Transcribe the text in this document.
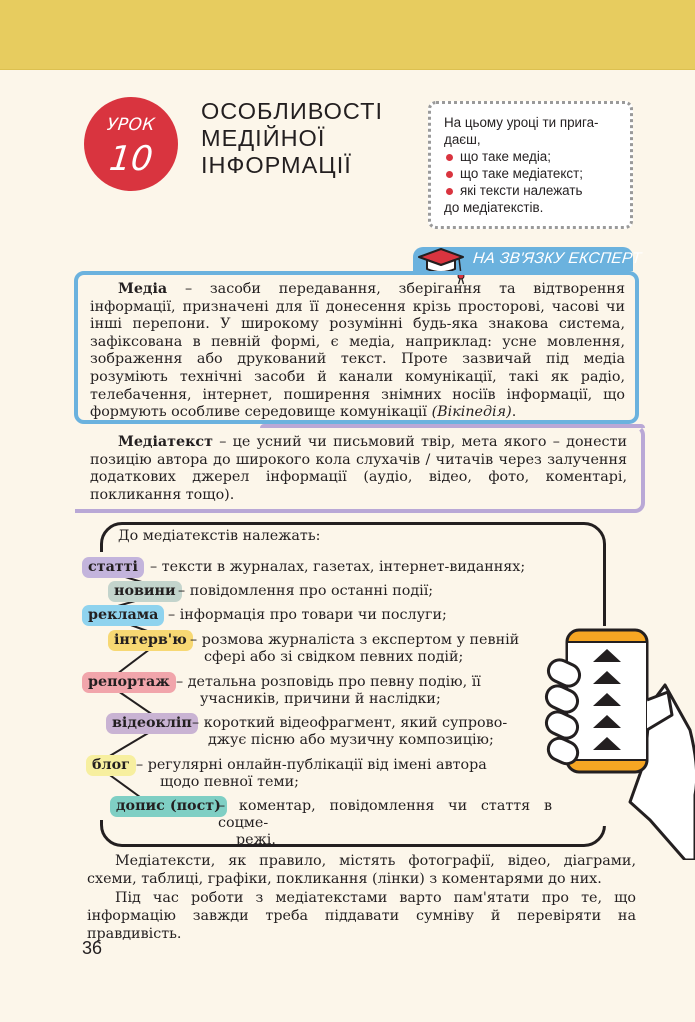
УРОК
10
ОСОБЛИВОСТІ
МЕДІЙНОЇ
ІНФОРМАЦІЇ
На цьому уроці ти прига-
даєш,
що таке медіа;
що таке медіатекст;
які тексти належать
до медіатекстів.
НА ЗВ'ЯЗКУ ЕКСПЕРТ

Медіа – засоби передавання, зберігання та відтворення інформації, призначені для її донесення крізь просторові, часові чи інші перепони. У широкому розумінні будь-яка знакова система, зафіксована в певній формі, є медіа, наприклад: усне мовлення, зображення або друкований текст. Проте зазвичай під медіа розуміють технічні засоби й канали комунікації, такі як радіо, телебачення, інтернет, поширення знімних носіїв інформації, що формують особливе середовище комунікації (Вікіпедія).

Медіатекст – це усний чи письмовий твір, мета якого – донести позицію автора до широкого кола слухачів / читачів через залучення додаткових джерел інформації (аудіо, відео, фото, коментарі, покликання тощо).

До медіатекстів належать:
статті – тексти в журналах, газетах, інтернет-виданнях;
новини – повідомлення про останні події;
реклама – інформація про товари чи послуги;
інтерв'ю – розмова журналіста з експертом у певній
сфері або зі свідком певних подій;
репортаж – детальна розповідь про певну подію, її
учасників, причини й наслідки;
відеокліп – короткий відеофрагмент, який супрово-
джує пісню або музичну композицію;
блог – регулярні онлайн-публікації від імені автора
щодо певної теми;
допис (пост)
– коментар, повідомлення чи стаття в соцме-
режі.
Медіатексти, як правило, містять фотографії, відео, діаграми, схеми, таблиці, графіки, покликання (лінки) з коментарями до них.
Під час роботи з медіатекстами варто пам'ятати про те, що інформацію завжди треба піддавати сумніву й перевіряти на правдивість.
36
